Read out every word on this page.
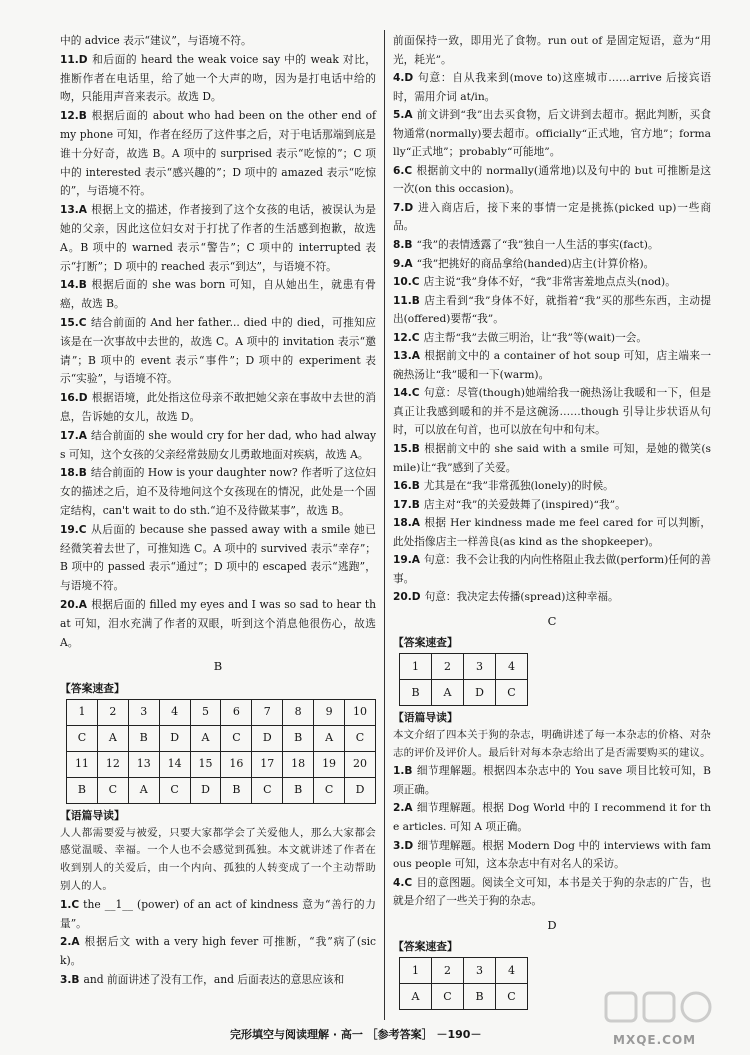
中的 advice 表示“建议”，与语境不符。

11.D 和后面的 heard the weak voice say 中的 weak 对比，推断作者在电话里，给了她一个大声的吻，因为是打电话中给的吻，只能用声音来表示。故选 D。

12.B 根据后面的 about who had been on the other end of my phone 可知，作者在经历了这件事之后，对于电话那端到底是谁十分好奇，故选 B。A 项中的 surprised 表示“吃惊的”；C 项中的 interested 表示“感兴趣的”；D 项中的 amazed 表示“吃惊的”，与语境不符。

13.A 根据上文的描述，作者接到了这个女孩的电话，被误认为是她的父亲，因此这位妇女对于打扰了作者的生活感到抱歉，故选 A。B 项中的 warned 表示“警告”；C 项中的 interrupted 表示“打断”；D 项中的 reached 表示“到达”，与语境不符。

14.B 根据后面的 she was born 可知，自从她出生，就患有骨癌，故选 B。

15.C 结合前面的 And her father... died 中的 died，可推知应该是在一次事故中去世的，故选 C。A 项中的 invitation 表示“邀请”；B 项中的 event 表示“事件”；D 项中的 experiment 表示“实验”，与语境不符。

16.D 根据语境，此处指这位母亲不敢把她父亲在事故中去世的消息，告诉她的女儿，故选 D。

17.A 结合前面的 she would cry for her dad, who had always 可知，这个女孩的父亲经常鼓励女儿勇敢地面对疾病，故选 A。

18.B 结合前面的 How is your daughter now? 作者听了这位妇女的描述之后，迫不及待地问这个女孩现在的情况，此处是一个固定结构，can't wait to do sth.“迫不及待做某事”，故选 B。

19.C 从后面的 because she passed away with a smile 她已经微笑着去世了，可推知选 C。A 项中的 survived 表示“幸存”；B 项中的 passed 表示“通过”；D 项中的 escaped 表示“逃跑”，与语境不符。

20.A 根据后面的 filled my eyes and I was so sad to hear that 可知，泪水充满了作者的双眼，听到这个消息他很伤心，故选 A。

B
【答案速查】
1	2	3	4	5	6	7	8	9	10
C	A	B	D	A	C	D	B	A	C
11	12	13	14	15	16	17	18	19	20
B	C	A	C	D	B	C	B	C	D
【语篇导读】

人人都需要爱与被爱，只要大家都学会了关爱他人，那么大家都会感觉温暖、幸福。一个人也不会感觉到孤独。本文就讲述了作者在收到别人的关爱后，由一个内向、孤独的人转变成了一个主动帮助别人的人。

1.C the __1__ (power) of an act of kindness 意为“善行的力量”。

2.A 根据后文 with a very high fever 可推断，“我”病了(sick)。

3.B and 前面讲述了没有工作，and 后面表达的意思应该和

前面保持一致，即用光了食物。run out of 是固定短语，意为“用光，耗光”。

4.D 句意：自从我来到(move to)这座城市……arrive 后接宾语时，需用介词 at/in。

5.A 前文讲到“我”出去买食物，后文讲到去超市。据此判断，买食物通常(normally)要去超市。officially“正式地，官方地”；formally“正式地”；probably“可能地”。

6.C 根据前文中的 normally(通常地)以及句中的 but 可推断是这一次(on this occasion)。

7.D 进入商店后，接下来的事情一定是挑拣(picked up)一些商品。

8.B “我”的表情透露了“我”独自一人生活的事实(fact)。

9.A “我”把挑好的商品拿给(handed)店主(计算价格)。

10.C 店主说“我”身体不好，“我”非常害羞地点点头(nod)。

11.B 店主看到“我”身体不好，就指着“我”买的那些东西，主动提出(offered)要帮“我”。

12.C 店主帮“我”去做三明治，让“我”等(wait)一会。

13.A 根据前文中的 a container of hot soup 可知，店主端来一碗热汤让“我”暖和一下(warm)。

14.C 句意：尽管(though)她端给我一碗热汤让我暖和一下，但是真正让我感到暖和的并不是这碗汤……though 引导让步状语从句时，可以放在句首，也可以放在句中和句末。

15.B 根据前文中的 she said with a smile 可知，是她的微笑(smile)让“我”感到了关爱。

16.B 尤其是在“我”非常孤独(lonely)的时候。

17.B 店主对“我”的关爱鼓舞了(inspired)“我”。

18.A 根据 Her kindness made me feel cared for 可以判断，此处指像店主一样善良(as kind as the shopkeeper)。

19.A 句意：我不会让我的内向性格阻止我去做(perform)任何的善事。

20.D 句意：我决定去传播(spread)这种幸福。

C
【答案速查】
1	2	3	4
B	A	D	C
【语篇导读】

本文介绍了四本关于狗的杂志，明确讲述了每一本杂志的价格、对杂志的评价及评价人。最后针对每本杂志给出了是否需要购买的建议。

1.B 细节理解题。根据四本杂志中的 You save 项目比较可知，B 项正确。

2.A 细节理解题。根据 Dog World 中的 I recommend it for the articles. 可知 A 项正确。

3.D 细节理解题。根据 Modern Dog 中的 interviews with famous people 可知，这本杂志中有对名人的采访。

4.C 目的意图题。阅读全文可知，本书是关于狗的杂志的广告，也就是介绍了一些关于狗的杂志。

D
【答案速查】
1	2	3	4
A	C	B	C
完形填空与阅读理解 · 高一 ［参考答案］ －190－	MXQE.COM
